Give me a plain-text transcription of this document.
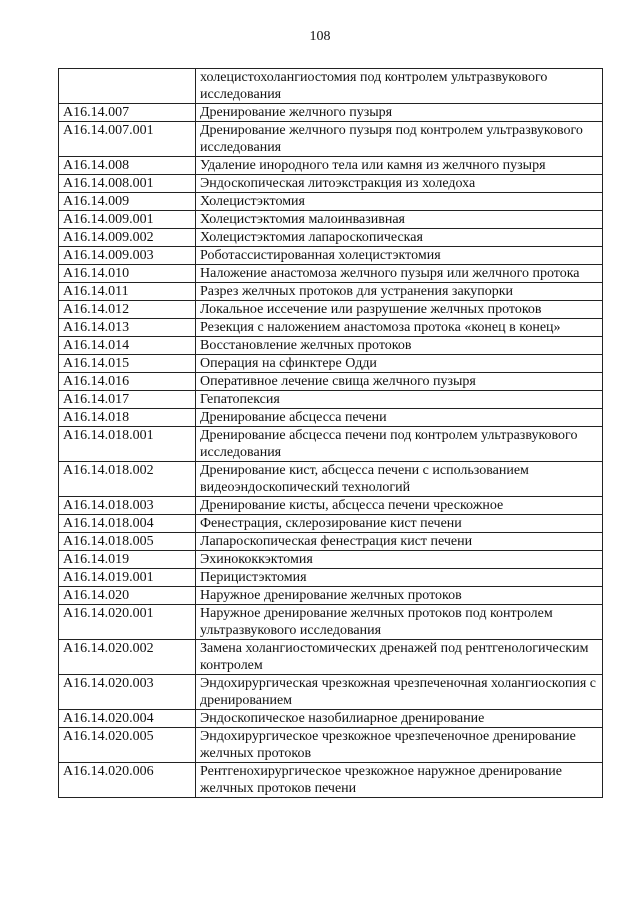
108
	холецистохолангиостомия под контролем ультразвукового исследования
A16.14.007	Дренирование желчного пузыря
A16.14.007.001	Дренирование желчного пузыря под контролем ультразвукового исследования
A16.14.008	Удаление инородного тела или камня из желчного пузыря
A16.14.008.001	Эндоскопическая литоэкстракция из холедоха
A16.14.009	Холецистэктомия
A16.14.009.001	Холецистэктомия малоинвазивная
A16.14.009.002	Холецистэктомия лапароскопическая
A16.14.009.003	Роботассистированная холецистэктомия
A16.14.010	Наложение анастомоза желчного пузыря или желчного протока
A16.14.011	Разрез желчных протоков для устранения закупорки
A16.14.012	Локальное иссечение или разрушение желчных протоков
A16.14.013	Резекция с наложением анастомоза протока «конец в конец»
A16.14.014	Восстановление желчных протоков
A16.14.015	Операция на сфинктере Одди
A16.14.016	Оперативное лечение свища желчного пузыря
A16.14.017	Гепатопексия
A16.14.018	Дренирование абсцесса печени
A16.14.018.001	Дренирование абсцесса печени под контролем ультразвукового исследования
A16.14.018.002	Дренирование кист, абсцесса печени с использованием видеоэндоскопический технологий
A16.14.018.003	Дренирование кисты, абсцесса печени чрескожное
A16.14.018.004	Фенестрация, склерозирование кист печени
A16.14.018.005	Лапароскопическая фенестрация кист печени
A16.14.019	Эхинококкэктомия
A16.14.019.001	Перицистэктомия
A16.14.020	Наружное дренирование желчных протоков
A16.14.020.001	Наружное дренирование желчных протоков под контролем ультразвукового исследования
A16.14.020.002	Замена холангиостомических дренажей под рентгенологическим контролем
A16.14.020.003	Эндохирургическая чрезкожная чрезпеченочная холангиоскопия с дренированием
A16.14.020.004	Эндоскопическое назобилиарное дренирование
A16.14.020.005	Эндохирургическое чрезкожное чрезпеченочное дренирование желчных протоков
A16.14.020.006	Рентгенохирургическое чрезкожное наружное дренирование желчных протоков печени
